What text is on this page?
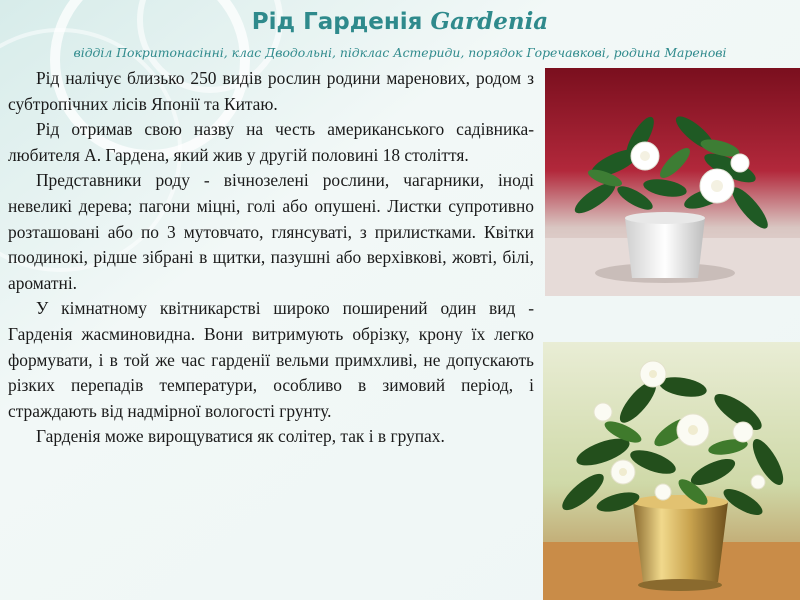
Рід Гарденія Gardenia
відділ Покритонасінні, клас Дводольні, підклас Астериди, порядок Горечавкові, родина Маренові

Рід налічує близько 250 видів рослин родини маренових, родом з субтропічних лісів Японії та Китаю.

Рід отримав свою назву на честь американського садівника-любителя А. Гардена, який жив у другій половині 18 століття.

Представники роду - вічнозелені рослини, чагарники, іноді невеликі дерева; пагони міцні, голі або опушені. Листки супротивно розташовані або по 3 мутовчато, глянсуваті, з прилистками. Квітки поодинокі, рідше зібрані в щитки, пазушні або верхівкові, жовті, білі, ароматні.

У кімнатному квітникарстві широко поширений один вид - Гарденія жасминовидна. Вони витримують обрізку, крону їх легко формувати, і в той же час гарденії вельми примхливі, не допускають різких перепадів температури, особливо в зимовий період, і страждають від надмірної вологості грунту.

Гарденія може вирощуватися як солітер, так і в групах.
